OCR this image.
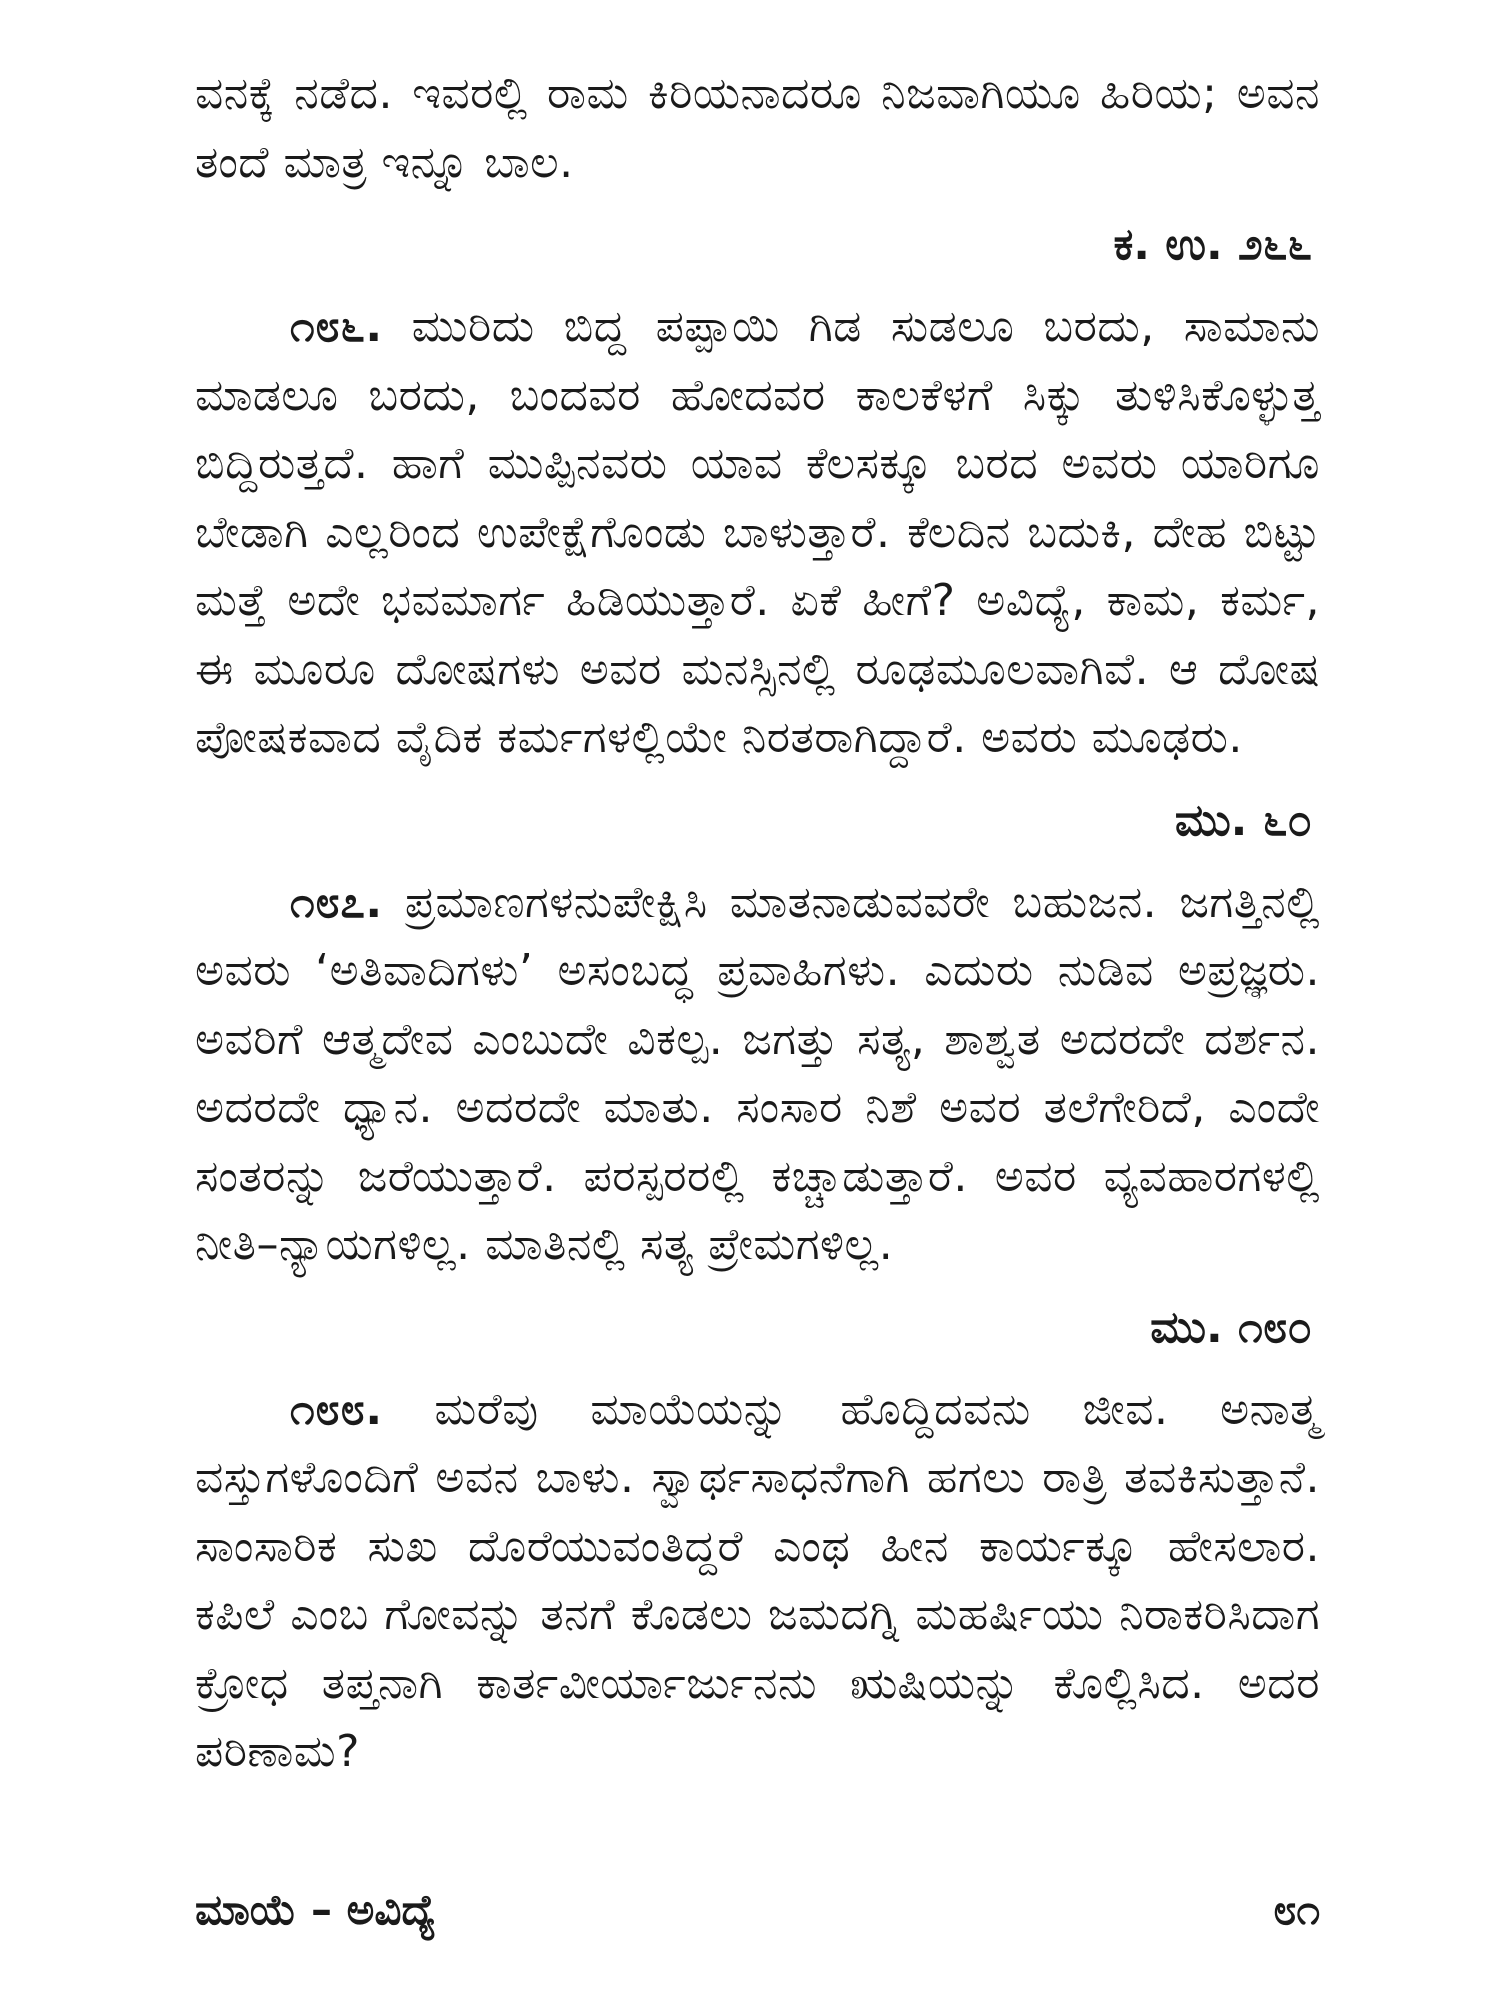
ವನಕ್ಕೆ ನಡೆದ. ಇವರಲ್ಲಿ ರಾಮ ಕಿರಿಯನಾದರೂ ನಿಜವಾಗಿಯೂ ಹಿರಿಯ; ಅವನ ತಂದೆ ಮಾತ್ರ ಇನ್ನೂ ಬಾಲ.

ಕ. ಉ. ೨೬೬

೧೮೬. ಮುರಿದು ಬಿದ್ದ ಪಪ್ಪಾಯಿ ಗಿಡ ಸುಡಲೂ ಬರದು, ಸಾಮಾನು ಮಾಡಲೂ ಬರದು, ಬಂದವರ ಹೋದವರ ಕಾಲಕೆಳಗೆ ಸಿಕ್ಕು ತುಳಿಸಿಕೊಳ್ಳುತ್ತ ಬಿದ್ದಿರುತ್ತದೆ. ಹಾಗೆ ಮುಪ್ಪಿನವರು ಯಾವ ಕೆಲಸಕ್ಕೂ ಬರದ ಅವರು ಯಾರಿಗೂ ಬೇಡಾಗಿ ಎಲ್ಲರಿಂದ ಉಪೇಕ್ಷೆಗೊಂಡು ಬಾಳುತ್ತಾರೆ. ಕೆಲದಿನ ಬದುಕಿ, ದೇಹ ಬಿಟ್ಟು ಮತ್ತೆ ಅದೇ ಭವಮಾರ್ಗ ಹಿಡಿಯುತ್ತಾರೆ. ಏಕೆ ಹೀಗೆ? ಅವಿದ್ಯೆ, ಕಾಮ, ಕರ್ಮ, ಈ ಮೂರೂ ದೋಷಗಳು ಅವರ ಮನಸ್ಸಿನಲ್ಲಿ ರೂಢಮೂಲವಾಗಿವೆ. ಆ ದೋಷ ಪೋಷಕವಾದ ವೈದಿಕ ಕರ್ಮಗಳಲ್ಲಿಯೇ ನಿರತರಾಗಿದ್ದಾರೆ. ಅವರು ಮೂಢರು.

ಮು. ೬೦

೧೮೭. ಪ್ರಮಾಣಗಳನುಪೇಕ್ಷಿಸಿ ಮಾತನಾಡುವವರೇ ಬಹುಜನ. ಜಗತ್ತಿನಲ್ಲಿ ಅವರು ‘ಅತಿವಾದಿಗಳು’ ಅಸಂಬದ್ಧ ಪ್ರವಾಹಿಗಳು. ಎದುರು ನುಡಿವ ಅಪ್ರಜ್ಞರು. ಅವರಿಗೆ ಆತ್ಮದೇವ ಎಂಬುದೇ ವಿಕಲ್ಪ. ಜಗತ್ತು ಸತ್ಯ, ಶಾಶ್ವತ ಅದರದೇ ದರ್ಶನ. ಅದರದೇ ಧ್ಯಾನ. ಅದರದೇ ಮಾತು. ಸಂಸಾರ ನಿಶೆ ಅವರ ತಲೆಗೇರಿದೆ, ಎಂದೇ ಸಂತರನ್ನು ಜರೆಯುತ್ತಾರೆ. ಪರಸ್ಪರರಲ್ಲಿ ಕಚ್ಚಾಡುತ್ತಾರೆ. ಅವರ ವ್ಯವಹಾರಗಳಲ್ಲಿ ನೀತಿ–ನ್ಯಾಯಗಳಿಲ್ಲ. ಮಾತಿನಲ್ಲಿ ಸತ್ಯ ಪ್ರೇಮಗಳಿಲ್ಲ.

ಮು. ೧೮೦

೧೮೮. ಮರೆವು ಮಾಯೆಯನ್ನು ಹೊದ್ದಿದವನು ಜೀವ. ಅನಾತ್ಮ ವಸ್ತುಗಳೊಂದಿಗೆ ಅವನ ಬಾಳು. ಸ್ವಾರ್ಥಸಾಧನೆಗಾಗಿ ಹಗಲು ರಾತ್ರಿ ತವಕಿಸುತ್ತಾನೆ. ಸಾಂಸಾರಿಕ ಸುಖ ದೊರೆಯುವಂತಿದ್ದರೆ ಎಂಥ ಹೀನ ಕಾರ್ಯಕ್ಕೂ ಹೇಸಲಾರ. ಕಪಿಲೆ ಎಂಬ ಗೋವನ್ನು ತನಗೆ ಕೊಡಲು ಜಮದಗ್ನಿ ಮಹರ್ಷಿಯು ನಿರಾಕರಿಸಿದಾಗ ಕ್ರೋಧ ತಪ್ತನಾಗಿ ಕಾರ್ತವೀರ್ಯಾರ್ಜುನನು ಋಷಿಯನ್ನು ಕೊಲ್ಲಿಸಿದ. ಅದರ ಪರಿಣಾಮ?

ಮಾಯೆ – ಅವಿದ್ಯೆ	೮೧
